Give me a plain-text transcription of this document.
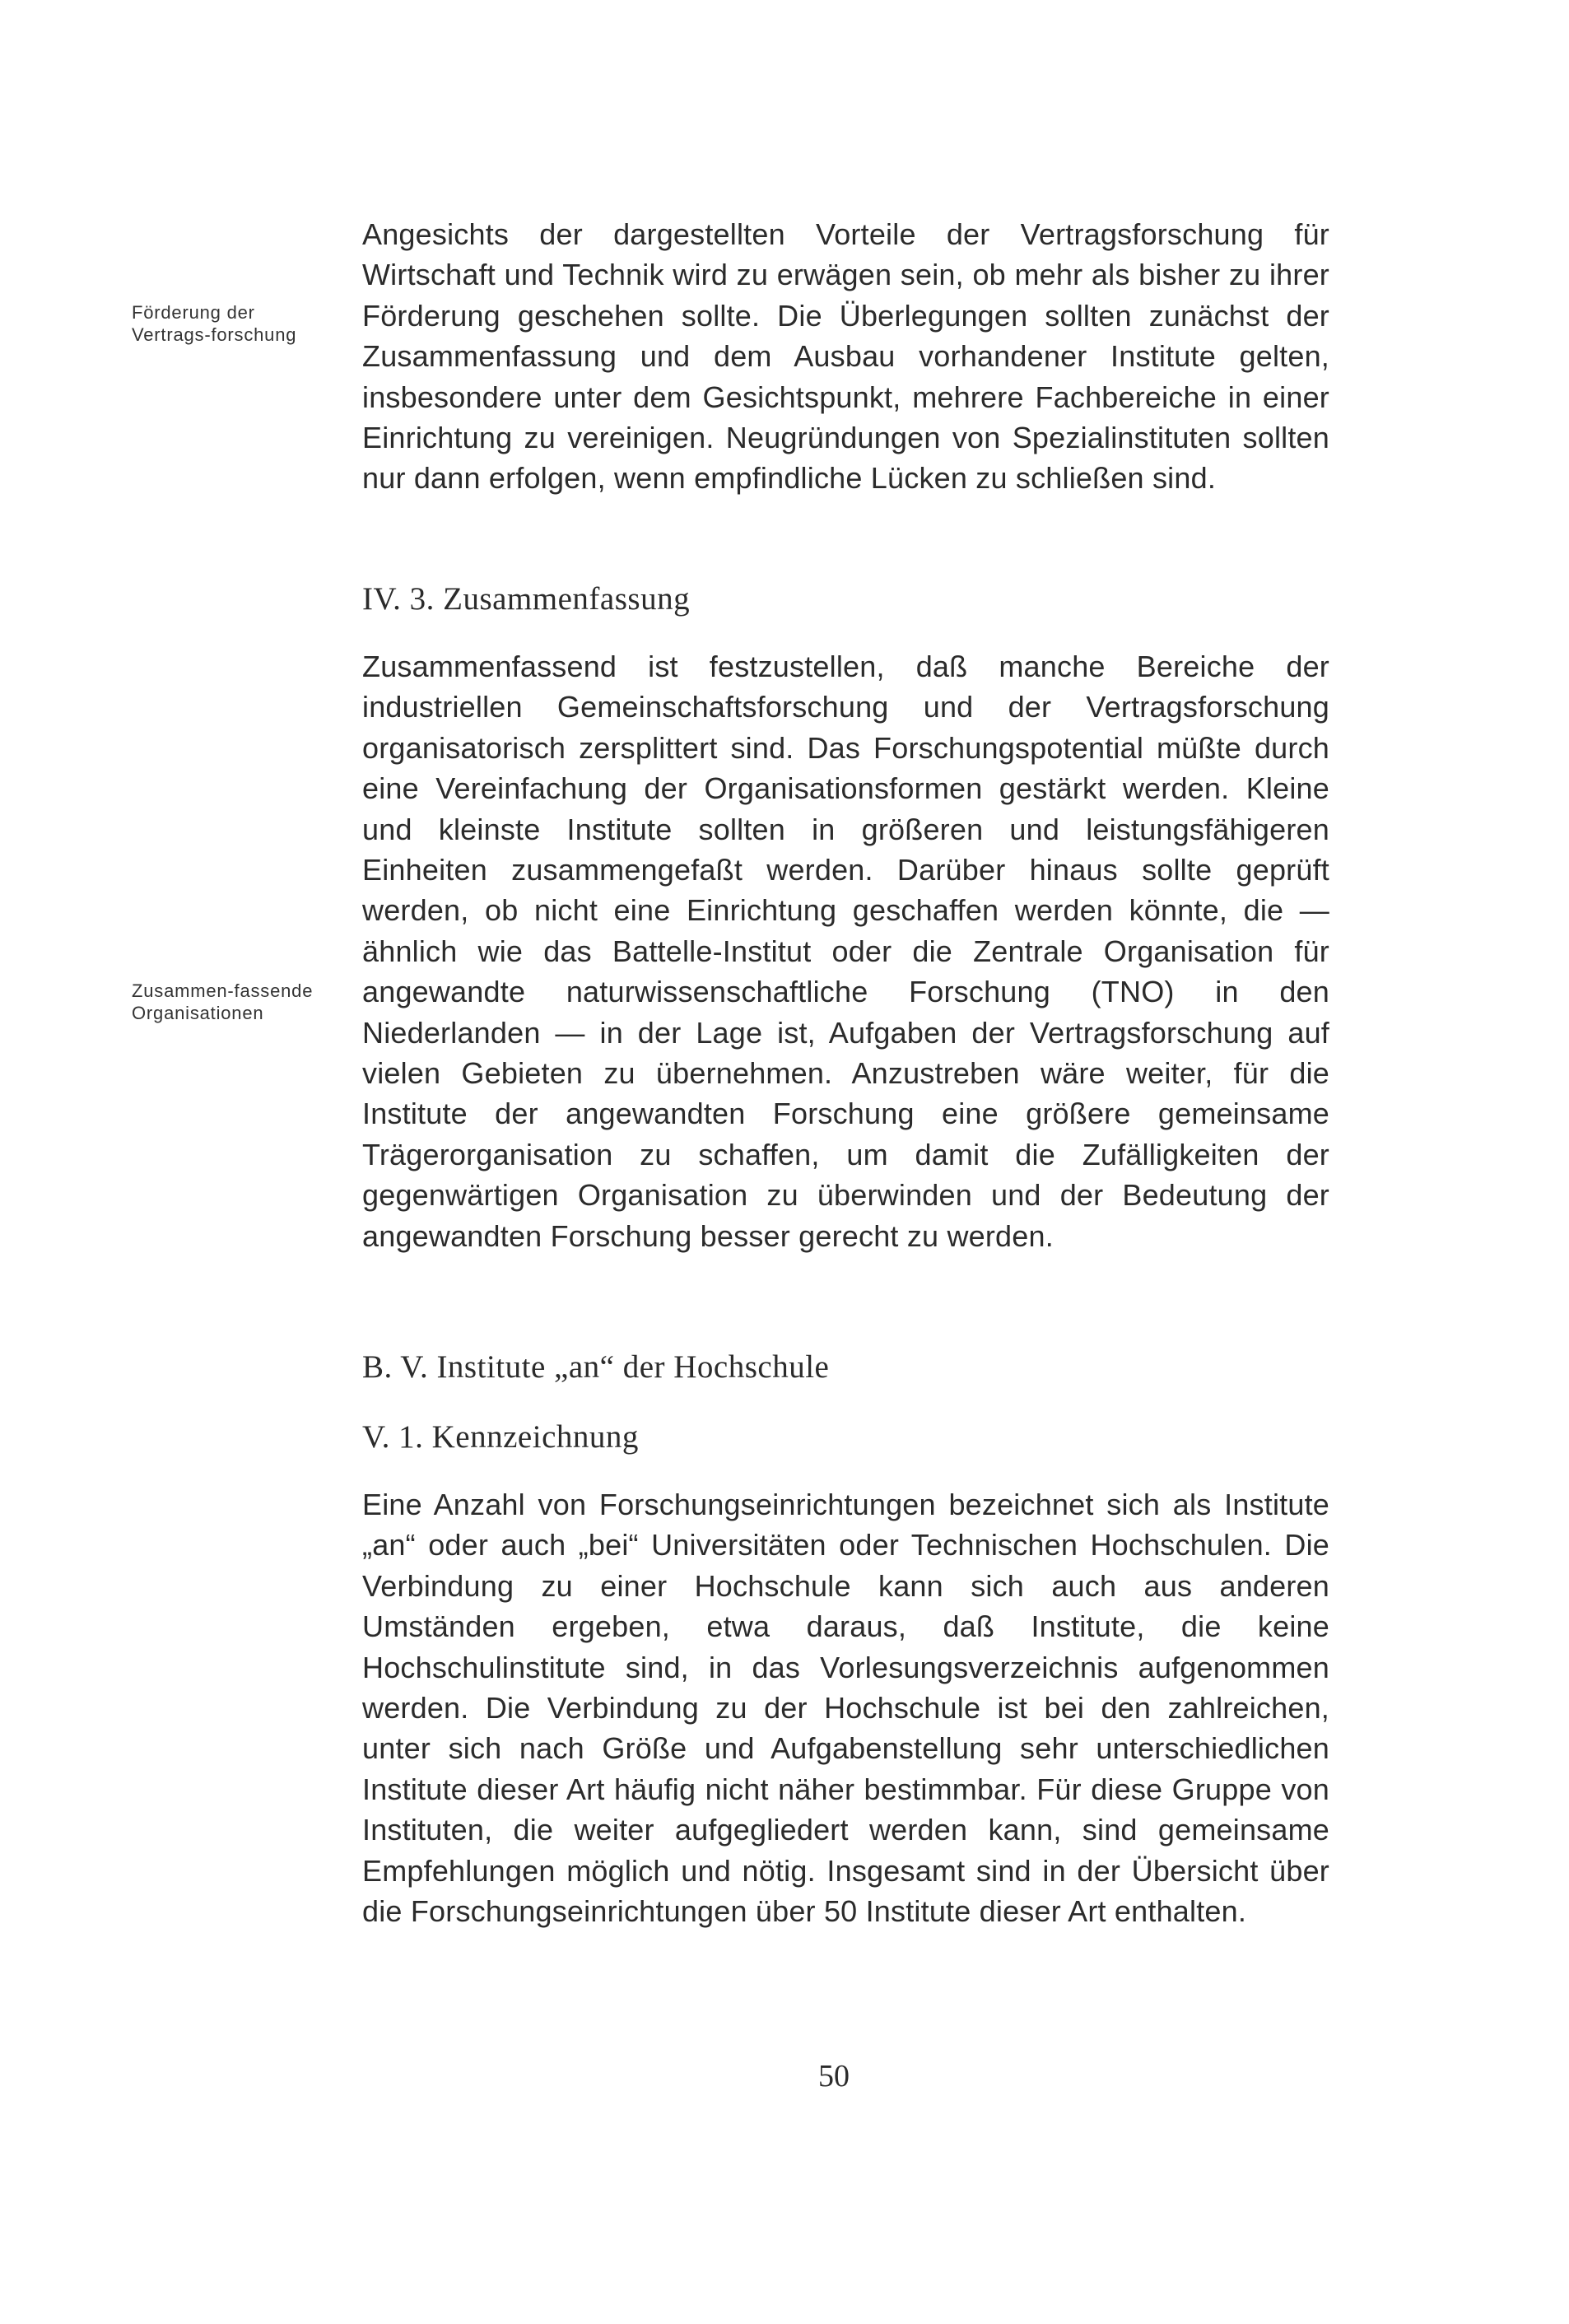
Förderung der Vertrags-forschung

Angesichts der dargestellten Vorteile der Vertragsforschung für Wirtschaft und Technik wird zu erwägen sein, ob mehr als bisher zu ihrer Förderung geschehen sollte. Die Überlegungen sollten zunächst der Zusammenfassung und dem Ausbau vorhandener Institute gelten, insbesondere unter dem Gesichtspunkt, mehrere Fachbereiche in einer Einrichtung zu vereinigen. Neugründungen von Spezialinstituten sollten nur dann erfolgen, wenn empfindliche Lücken zu schließen sind.

IV. 3. Zusammenfassung

Zusammenfassend ist festzustellen, daß manche Bereiche der industriellen Gemeinschaftsforschung und der Vertragsforschung organisatorisch zersplittert sind. Das Forschungspotential müßte durch eine Vereinfachung der Organisationsformen gestärkt werden. Kleine und kleinste Institute sollten in größeren und leistungsfähigeren Einheiten zusammengefaßt werden. Darüber hinaus sollte geprüft werden, ob nicht eine Einrichtung geschaffen werden könnte, die — ähnlich wie das Battelle-Institut oder die Zentrale Organisation für angewandte naturwissenschaftliche Forschung (TNO) in den Niederlanden — in der Lage ist, Aufgaben der Vertragsforschung auf vielen Gebieten zu übernehmen. Anzustreben wäre weiter, für die Institute der angewandten Forschung eine größere gemeinsame Trägerorganisation zu schaffen, um damit die Zufälligkeiten der gegenwärtigen Organisation zu überwinden und der Bedeutung der angewandten Forschung besser gerecht zu werden.

Zusammen-fassende Organisationen

B. V. Institute „an“ der Hochschule
V. 1. Kennzeichnung

Eine Anzahl von Forschungseinrichtungen bezeichnet sich als Institute „an“ oder auch „bei“ Universitäten oder Technischen Hochschulen. Die Verbindung zu einer Hochschule kann sich auch aus anderen Umständen ergeben, etwa daraus, daß Institute, die keine Hochschulinstitute sind, in das Vorlesungsverzeichnis aufgenommen werden. Die Verbindung zu der Hochschule ist bei den zahlreichen, unter sich nach Größe und Aufgabenstellung sehr unterschiedlichen Institute dieser Art häufig nicht näher bestimmbar. Für diese Gruppe von Instituten, die weiter aufgegliedert werden kann, sind gemeinsame Empfehlungen möglich und nötig. Insgesamt sind in der Übersicht über die Forschungseinrichtungen über 50 Institute dieser Art enthalten.

50
